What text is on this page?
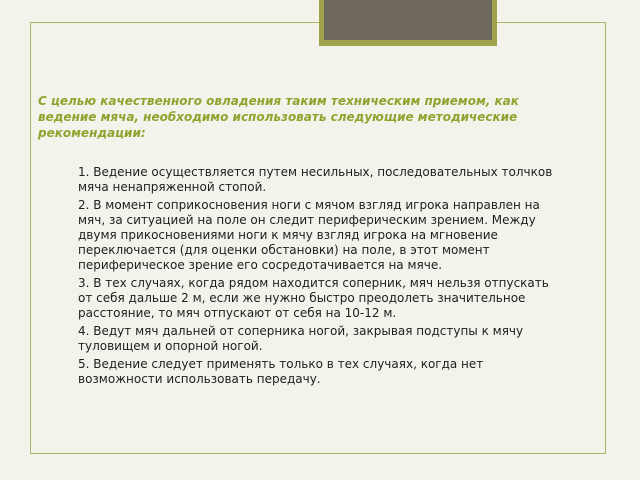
С целью качественного овладения таким техническим приемом, как ведение мяча, необходимо использовать следующие методические рекомендации:

1. Ведение осуществляется путем несильных, последовательных толчков мяча ненапряженной стопой.
2. В момент соприкосновения ноги с мячом взгляд игрока направлен на мяч, за ситуацией на поле он следит периферическим зрением. Между двумя прикосновениями ноги к мячу взгляд игрока на мгновение переключается (для оценки обстановки) на поле, в этот момент периферическое зрение его сосредотачивается на мяче.
3. В тех случаях, когда рядом находится соперник, мяч нельзя отпускать от себя дальше 2 м, если же нужно быстро преодолеть значительное расстояние, то мяч отпускают от себя на 10-12 м.
4. Ведут мяч дальней от соперника ногой, закрывая подступы к мячу туловищем и опорной ногой.
5. Ведение следует применять только в тех случаях, когда нет возможности использовать передачу.
